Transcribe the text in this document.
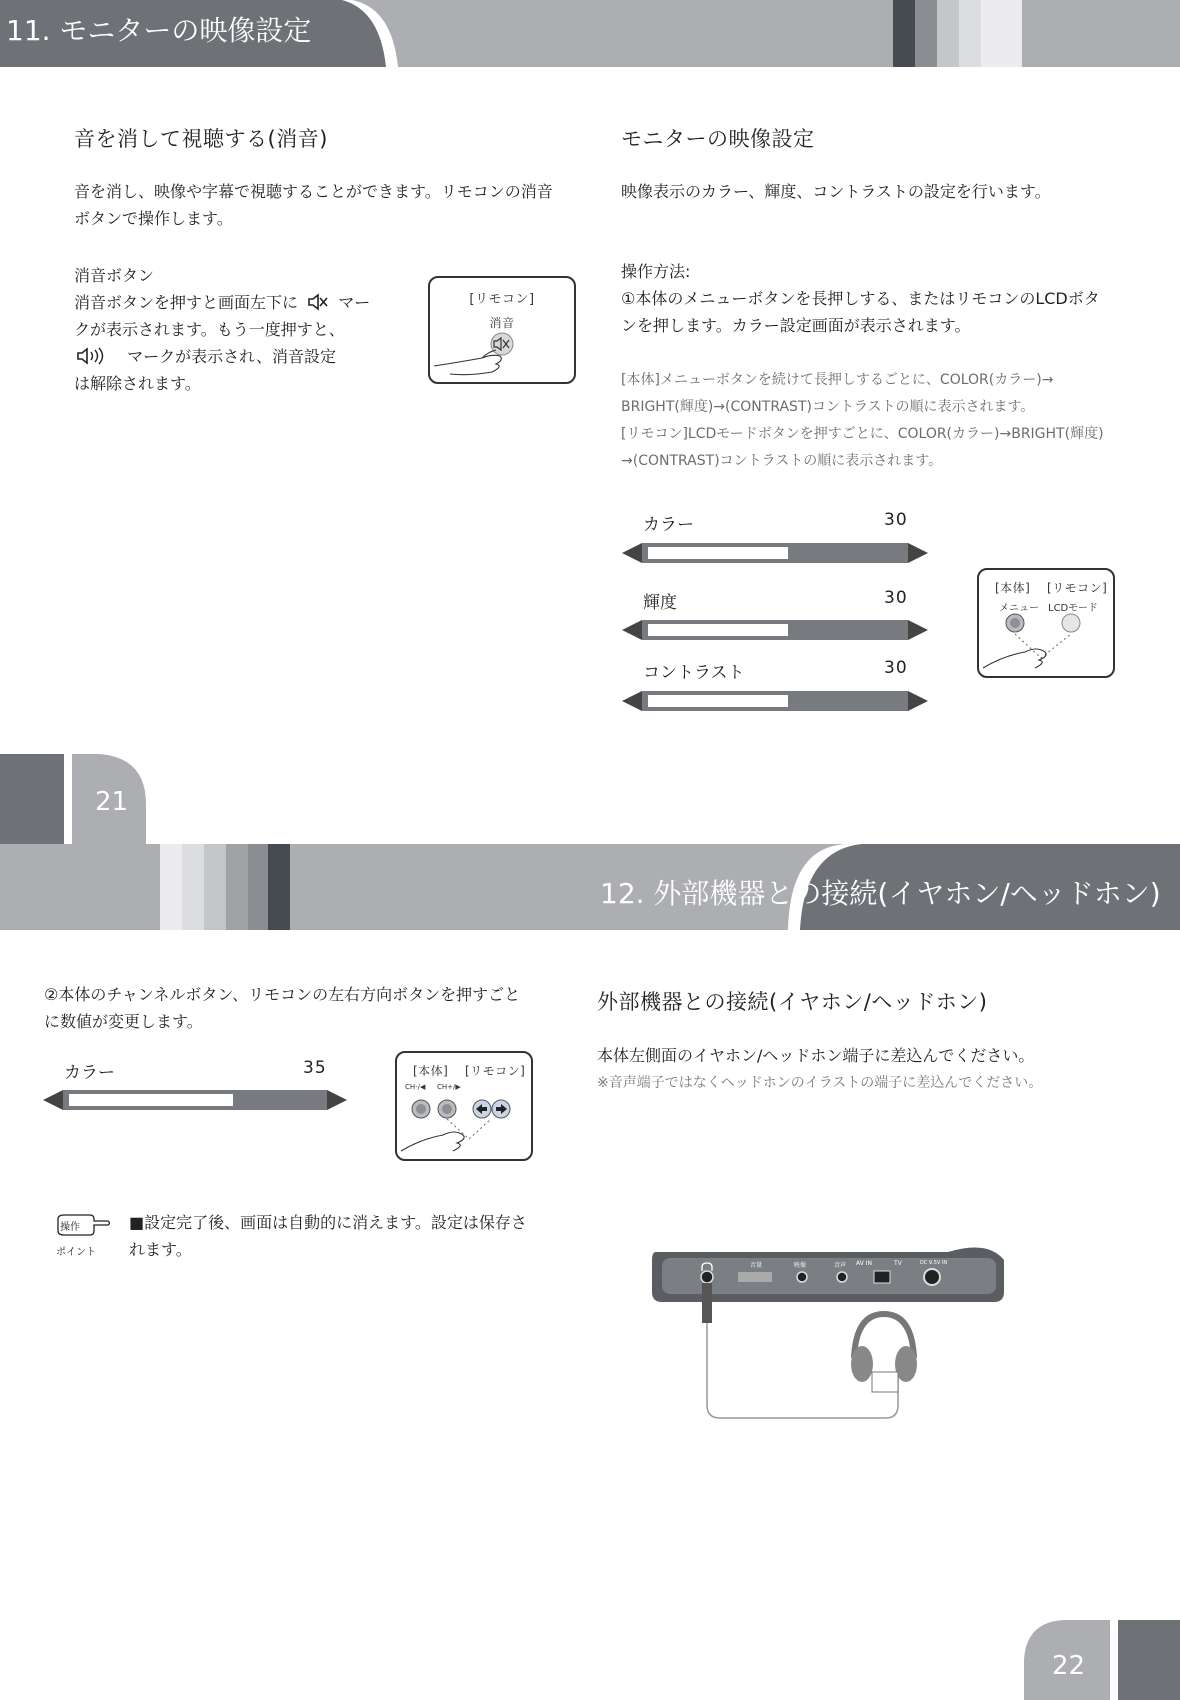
11. モニターの映像設定
音を消して視聴する(消音)
音を消し、映像や字幕で視聴することができます。リモコンの消音
ボタンで操作します。
消音ボタン
消音ボタンを押すと画面左下に	マー
クが表示されます。もう一度押すと、
マークが表示され、消音設定
は解除されます。
[リモコン]
消音
モニターの映像設定
映像表示のカラー、輝度、コントラストの設定を行います。
操作方法:
①本体のメニューボタンを長押しする、またはリモコンのLCDボタ
ンを押します。カラー設定画面が表示されます。
[本体]メニューボタンを続けて長押しするごとに、COLOR(カラー)→
BRIGHT(輝度)→(CONTRAST)コントラストの順に表示されます。
[リモコン]LCDモードボタンを押すごとに、COLOR(カラー)→BRIGHT(輝度)
→(CONTRAST)コントラストの順に表示されます。
カラー	30
輝度	30
コントラスト	30
[本体] [リモコン]
メニュー LCDモード
21
12. 外部機器との接続(イヤホン/ヘッドホン)
②本体のチャンネルボタン、リモコンの左右方向ボタンを押すごと
に数値が変更します。
カラー	35	[本体] [リモコン]
CH-/◀ CH+/▶
操作
ポイント
■設定完了後、画面は自動的に消えます。設定は保存さ
れます。
外部機器との接続(イヤホン/ヘッドホン)
本体左側面のイヤホン/ヘッドホン端子に差込んでください。
※音声端子ではなくヘッドホンのイラストの端子に差込んでください。
音量	映像	音声 AV IN	TV	DC 9.5V IN
22
